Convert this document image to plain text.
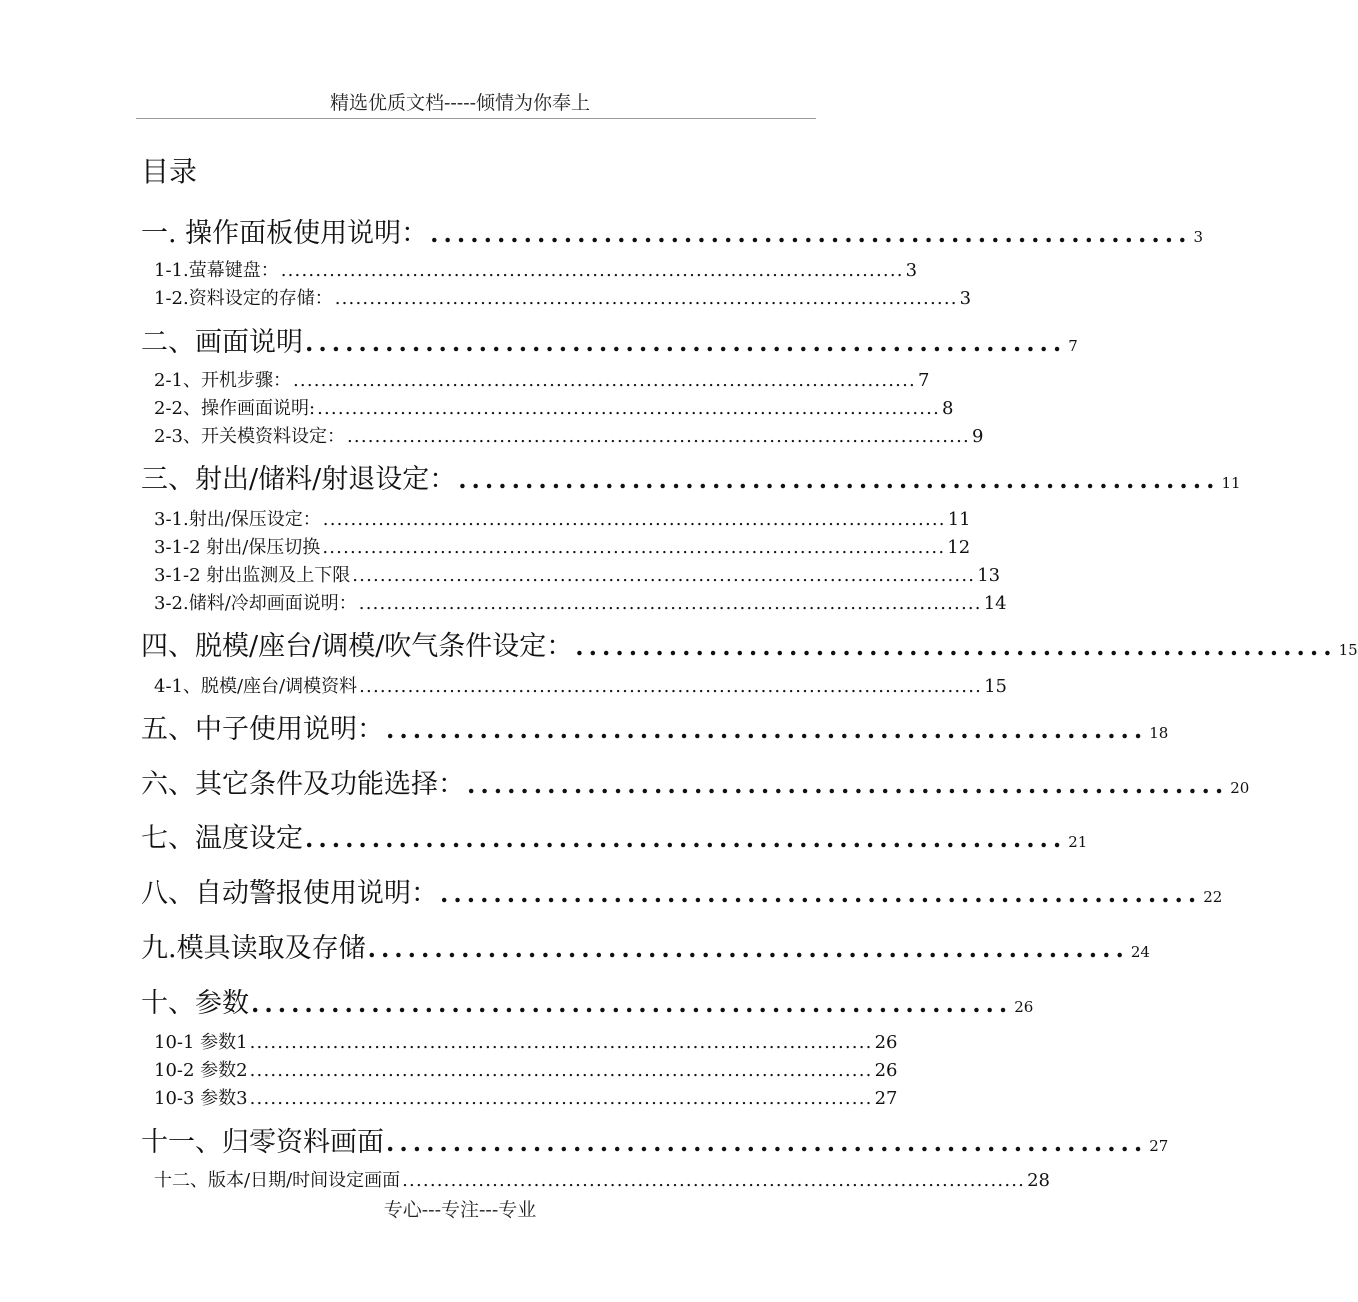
精选优质文档-----倾情为你奉上
目录
一. 操作面板使用说明： ......................................................... 3
1-1.萤幕键盘： .......................................................................................... 3
1-2.资料设定的存储： .......................................................................................... 3
二、画面说明 ......................................................... 7
2-1、开机步骤： .......................................................................................... 7
2-2、操作画面说明: .......................................................................................... 8
2-3、开关模资料设定： .......................................................................................... 9
三、射出/储料/射退设定： ......................................................... 11
3-1.射出/保压设定： .......................................................................................... 11
3-1-2 射出/保压切换 .......................................................................................... 12
3-1-2 射出监测及上下限 .......................................................................................... 13
3-2.储料/冷却画面说明： .......................................................................................... 14
四、脱模/座台/调模/吹气条件设定： ......................................................... 15
4-1、脱模/座台/调模资料 .......................................................................................... 15
五、中子使用说明： ......................................................... 18
六、其它条件及功能选择： ......................................................... 20
七、温度设定 ......................................................... 21
八、自动警报使用说明： ......................................................... 22
九.模具读取及存储 ......................................................... 24
十、参数 ......................................................... 26
10-1 参数1 .......................................................................................... 26
10-2 参数2 .......................................................................................... 26
10-3 参数3 .......................................................................................... 27
十一、归零资料画面 ......................................................... 27
十二、版本/日期/时间设定画面 .......................................................................................... 28
专心---专注---专业
